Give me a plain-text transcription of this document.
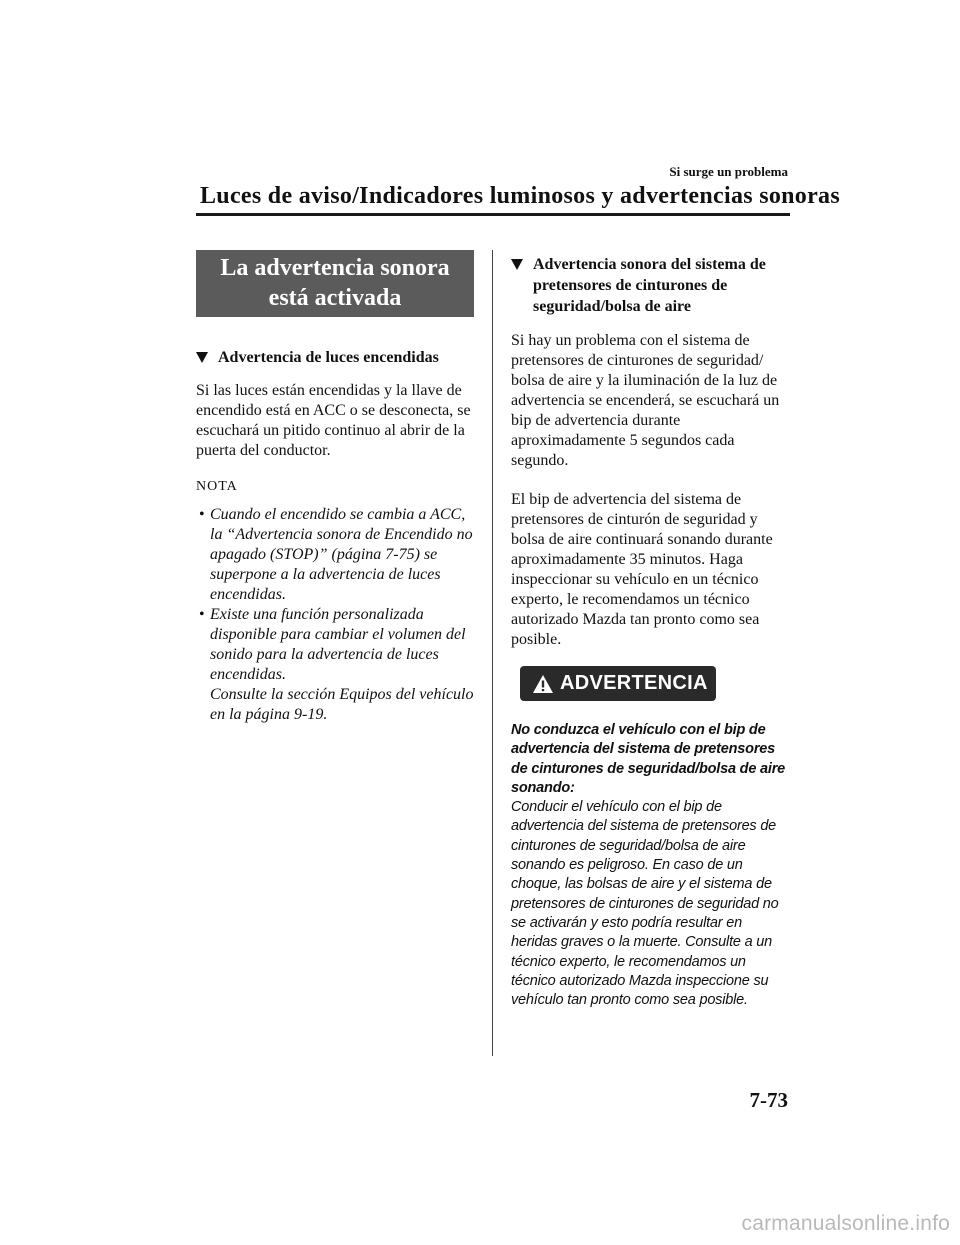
Si surge un problema
Luces de aviso/Indicadores luminosos y advertencias sonoras
La advertencia sonora está activada
Advertencia de luces encendidas

Si las luces están encendidas y la llave de encendido está en ACC o se desconecta, se escuchará un pitido continuo al abrir de la puerta del conductor.

NOTA
• Cuando el encendido se cambia a ACC, la “Advertencia sonora de Encendido no apagado (STOP)” (página 7-75) se superpone a la advertencia de luces encendidas.
• Existe una función personalizada disponible para cambiar el volumen del sonido para la advertencia de luces encendidas.
Consulte la sección Equipos del vehículo en la página 9-19.
Advertencia sonora del sistema de pretensores de cinturones de seguridad/bolsa de aire

Si hay un problema con el sistema de pretensores de cinturones de seguridad/ bolsa de aire y la iluminación de la luz de advertencia se encenderá, se escuchará un bip de advertencia durante aproximadamente 5 segundos cada segundo.

El bip de advertencia del sistema de pretensores de cinturón de seguridad y bolsa de aire continuará sonando durante aproximadamente 35 minutos. Haga inspeccionar su vehículo en un técnico experto, le recomendamos un técnico autorizado Mazda tan pronto como sea posible.

ADVERTENCIA
No conduzca el vehículo con el bip de advertencia del sistema de pretensores de cinturones de seguridad/bolsa de aire sonando:
Conducir el vehículo con el bip de advertencia del sistema de pretensores de cinturones de seguridad/bolsa de aire sonando es peligroso. En caso de un choque, las bolsas de aire y el sistema de pretensores de cinturones de seguridad no se activarán y esto podría resultar en heridas graves o la muerte. Consulte a un técnico experto, le recomendamos un técnico autorizado Mazda inspeccione su vehículo tan pronto como sea posible.
7-73
carmanualsonline.info
